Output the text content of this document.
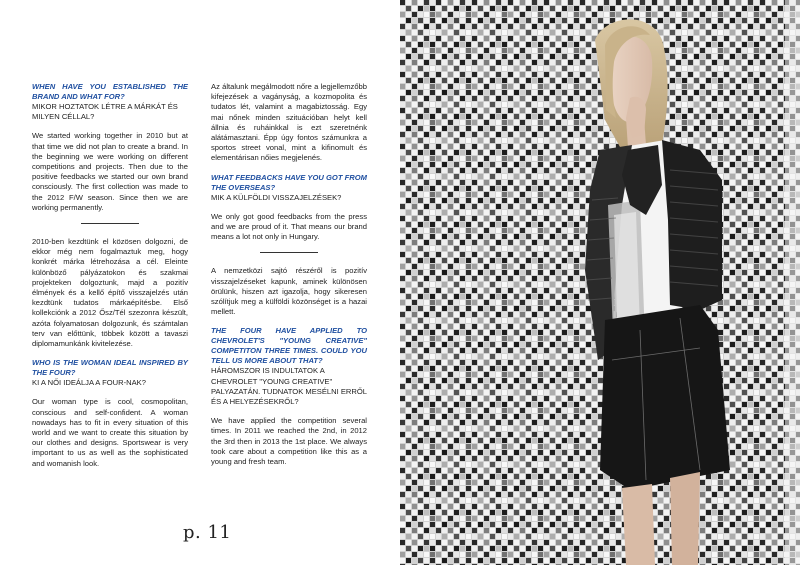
WHEN HAVE YOU ESTABLISHED THE BRAND AND WHAT FOR?

MIKOR HOZTATOK LÉTRE A MÁRKÁT ÉS MILYEN CÉLLAL?

We started working together in 2010 but at that time we did not plan to create a brand. In the beginning we were working on different competitions and projects. Then due to the positive feedbacks we started our own brand consciously. The first collection was made to the 2012 F/W season. Since then we are working permanently.

2010-ben kezdtünk el közösen dolgozni, de ekkor még nem fogalmaztuk meg, hogy konkrét márka létrehozása a cél. Eleinte különböző pályázatokon és szakmai projekteken dolgoztunk, majd a pozitív élmények és a kellő építő visszajelzés után kezdtünk tudatos márkaépítésbe. Első kollekciónk a 2012 Ősz/Tél szezonra készült, azóta folyamatosan dolgozunk, és számtalan terv van előttünk, többek között a tavaszi diplomamunkánk kivitelezése.

WHO IS THE WOMAN IDEAL INSPIRED BY THE FOUR?

KI A NŐI IDEÁLJA A FOUR-NAK?

Our woman type is cool, cosmopolitan, conscious and self-confident. A woman nowadays has to fit in every situation of this world and we want to create this situation by our clothes and designs. Sportswear is very important to us as well as the sophisticated and womanish look.

Az általunk megálmodott nőre a legjellemzőbb kifejezések a vagányság, a kozmopolita és tudatos lét, valamint a magabiztosság. Egy mai nőnek minden szituációban helyt kell állnia és ruháinkkal is ezt szeretnénk alátámasztani. Épp úgy fontos számunkra a sportos street vonal, mint a kifinomult és elementárisan nőies megjelenés.

WHAT FEEDBACKS HAVE YOU GOT FROM THE OVERSEAS?

MIK A KÜLFÖLDI VISSZAJELZÉSEK?

We only got good feedbacks from the press and we are proud of it. That means our brand means a lot not only in Hungary.

A nemzetközi sajtó részéről is pozitív visszajelzéseket kapunk, aminek különösen örülünk, hiszen azt igazolja, hogy sikeresen szólítjuk meg a külföldi közönséget is a hazai mellett.

THE FOUR HAVE APPLIED TO CHEVROLET'S "YOUNG CREATIVE" COMPETITON THREE TIMES. COULD YOU TELL US MORE ABOUT THAT?

HÁROMSZOR IS INDULTATOK A CHEVROLET "YOUNG CREATIVE" PALYAZATÁN. TUDNATOK MESÉLNI ERRŐL ÉS A HELYEZÉSEKRŐL?

We have applied the competition several times. In 2011 we reached the 2nd, in 2012 the 3rd then in 2013 the 1st place. We always took care about a competition like this as a young and fresh team.

p. 11
